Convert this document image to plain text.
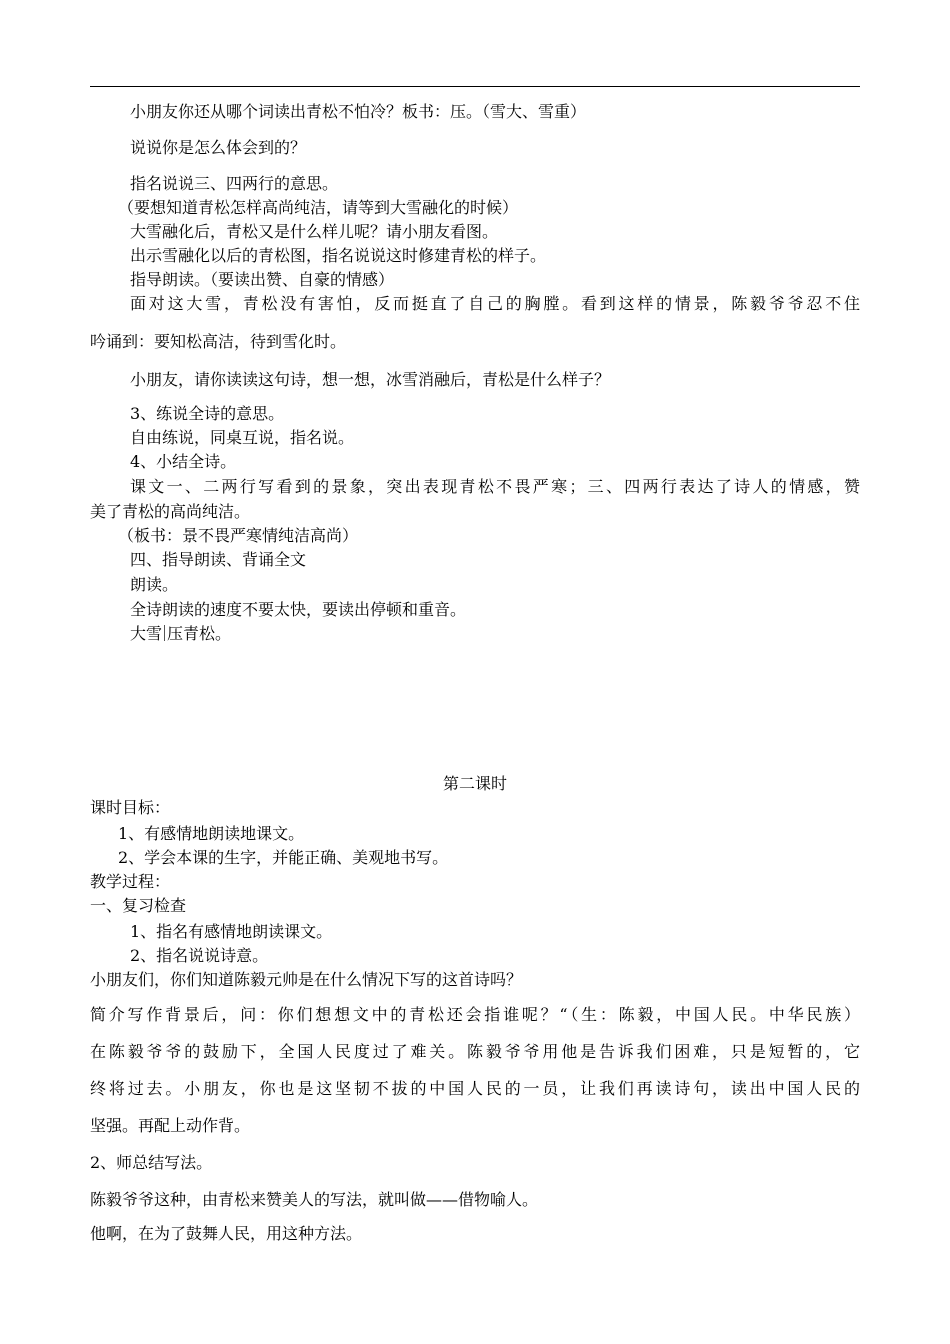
小朋友你还从哪个词读出青松不怕冷？板书：压。（雪大、雪重）
说说你是怎么体会到的？
指名说说三、四两行的意思。
（要想知道青松怎样高尚纯洁，请等到大雪融化的时候）
大雪融化后，青松又是什么样儿呢？请小朋友看图。
出示雪融化以后的青松图，指名说说这时修建青松的样子。
指导朗读。（要读出赞、自豪的情感）
面对这大雪，青松没有害怕，反而挺直了自己的胸膛。看到这样的情景，陈毅爷爷忍不住
吟诵到：要知松高洁，待到雪化时。
小朋友，请你读读这句诗，想一想，冰雪消融后，青松是什么样子？
3、练说全诗的意思。
自由练说，同桌互说，指名说。
4、小结全诗。
课文一、二两行写看到的景象，突出表现青松不畏严寒；三、四两行表达了诗人的情感，赞
美了青松的高尚纯洁。
（板书：景不畏严寒情纯洁高尚）
四、指导朗读、背诵全文
朗读。
全诗朗读的速度不要太快，要读出停顿和重音。
大雪 压青松。
第二课时
课时目标：
1、有感情地朗读地课文。
2、学会本课的生字，并能正确、美观地书写。
教学过程：
一、复习检查
1、指名有感情地朗读课文。
2、指名说说诗意。
小朋友们，你们知道陈毅元帅是在什么情况下写的这首诗吗？
简介写作背景后，问：你们想想文中的青松还会指谁呢？“（生：陈毅，中国人民。中华民族）
在陈毅爷爷的鼓励下，全国人民度过了难关。陈毅爷爷用他是告诉我们困难，只是短暂的，它
终将过去。小朋友，你也是这坚韧不拔的中国人民的一员，让我们再读诗句，读出中国人民的
坚强。再配上动作背。
2、师总结写法。
陈毅爷爷这种，由青松来赞美人的写法，就叫做——借物喻人。
他啊，在为了鼓舞人民，用这种方法。
